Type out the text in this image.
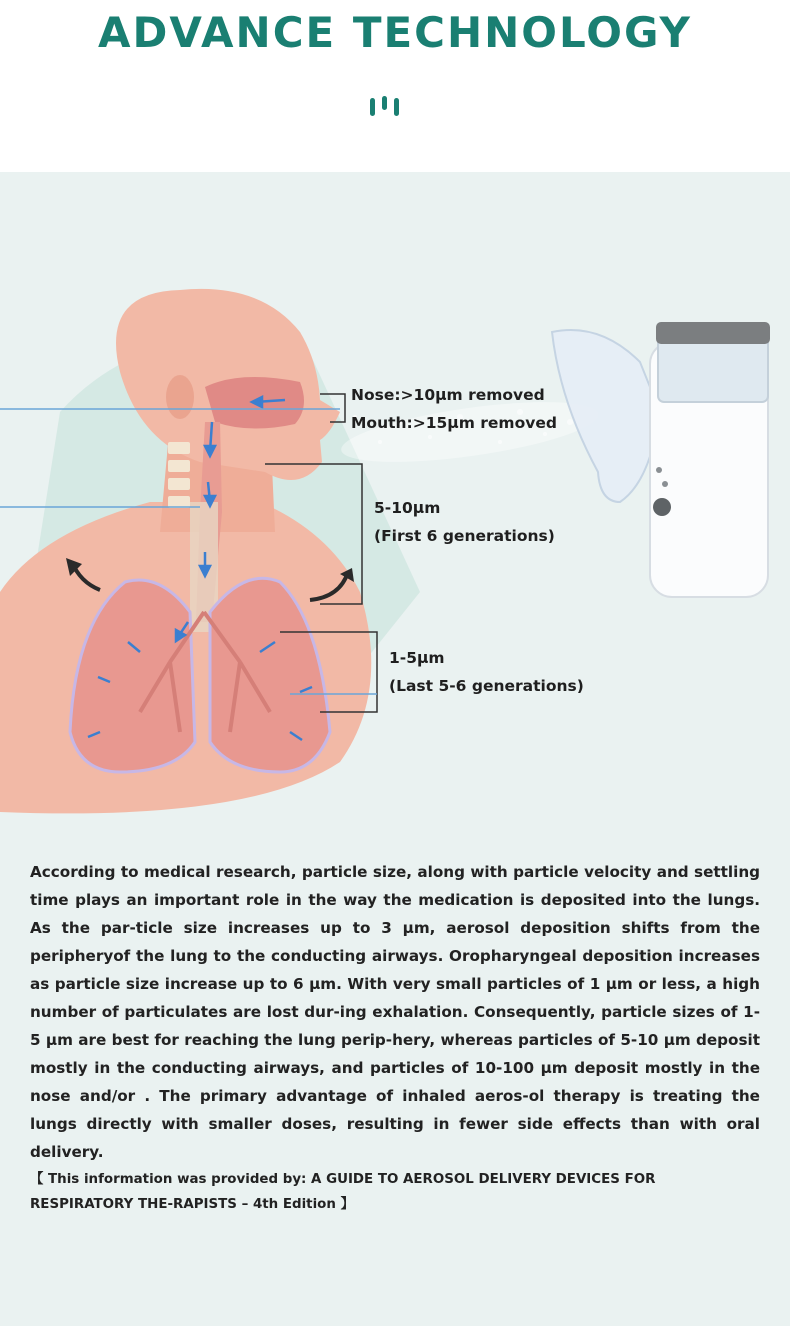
ADVANCE TECHNOLOGY
Nose:>10μm removed
Mouth:>15μm removed
5-10μm
(First 6 generations)
1-5μm
(Last 5-6 generations)

According to medical research, particle size, along with particle velocity and settling time plays an important role in the way the medication is deposited into the lungs. As the par-ticle size increases up to 3 μm, aerosol deposition shifts from the peripheryof the lung to the conducting airways. Oropharyngeal deposition increases as particle size increase up to 6 μm. With very small particles of 1 μm or less, a high number of particulates are lost dur-ing exhalation. Consequently, particle sizes of 1-5 μm are best for reaching the lung perip-hery, whereas particles of 5-10 μm deposit mostly in the conducting airways, and particles of 10-100 μm deposit mostly in the nose and/or . The primary advantage of inhaled aeros-ol therapy is treating the lungs directly with smaller doses, resulting in fewer side effects than with oral delivery.

【 This information was provided by: A GUIDE TO AEROSOL DELIVERY DEVICES FOR RESPIRATORY THE-RAPISTS – 4th Edition 】
